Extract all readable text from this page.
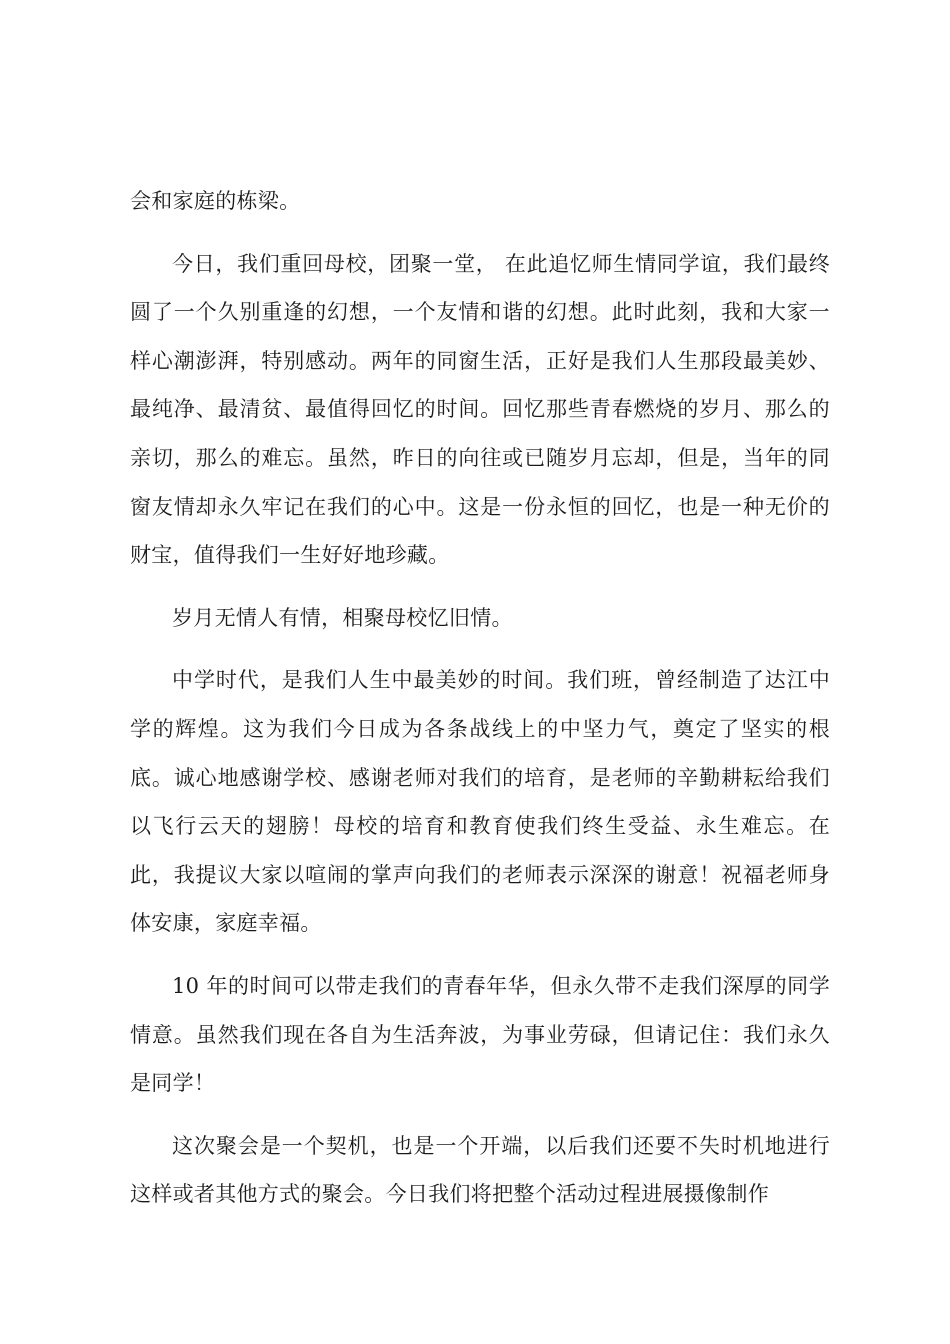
会和家庭的栋梁。

今日，我们重回母校，团聚一堂， 在此追忆师生情同学谊，我们最终圆了一个久别重逢的幻想，一个友情和谐的幻想。此时此刻，我和大家一样心潮澎湃，特别感动。两年的同窗生活，正好是我们人生那段最美妙、最纯净、最清贫、最值得回忆的时间。回忆那些青春燃烧的岁月、那么的亲切，那么的难忘。虽然，昨日的向往或已随岁月忘却，但是，当年的同窗友情却永久牢记在我们的心中。这是一份永恒的回忆，也是一种无价的财宝，值得我们一生好好地珍藏。

岁月无情人有情，相聚母校忆旧情。

中学时代，是我们人生中最美妙的时间。我们班，曾经制造了达江中学的辉煌。这为我们今日成为各条战线上的中坚力气，奠定了坚实的根底。诚心地感谢学校、感谢老师对我们的培育，是老师的辛勤耕耘给我们以飞行云天的翅膀！母校的培育和教育使我们终生受益、永生难忘。在此，我提议大家以喧闹的掌声向我们的老师表示深深的谢意！祝福老师身体安康，家庭幸福。

10 年的时间可以带走我们的青春年华，但永久带不走我们深厚的同学情意。虽然我们现在各自为生活奔波，为事业劳碌，但请记住：我们永久是同学！

这次聚会是一个契机，也是一个开端，以后我们还要不失时机地进行这样或者其他方式的聚会。今日我们将把整个活动过程进展摄像制作
